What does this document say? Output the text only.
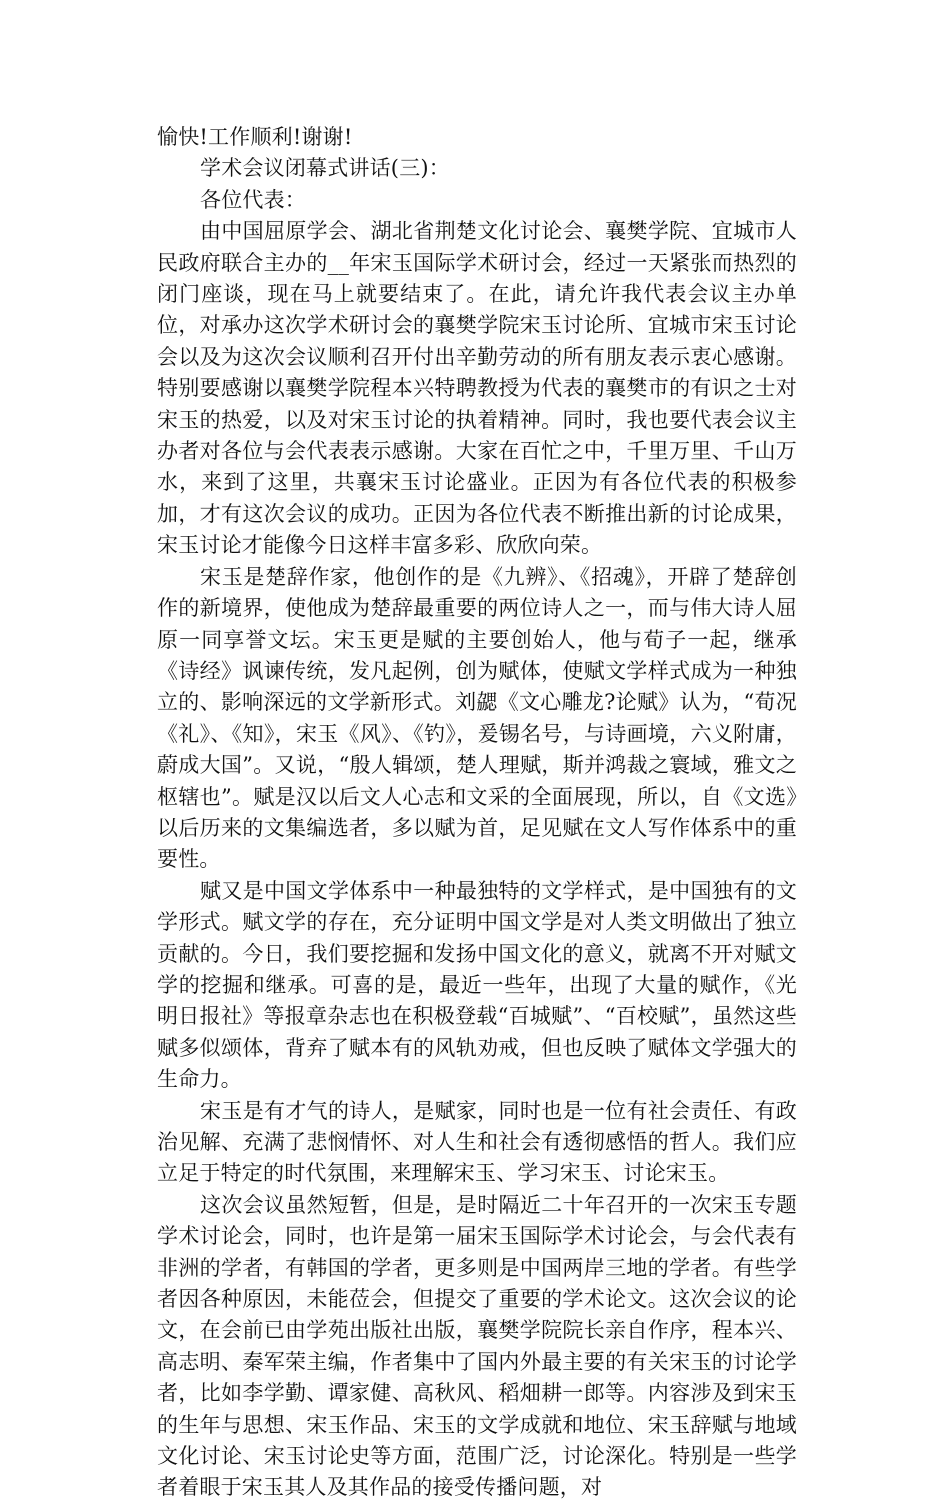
愉快!工作顺利!谢谢!

学术会议闭幕式讲话(三)：

各位代表：

由中国屈原学会、湖北省荆楚文化讨论会、襄樊学院、宜城市人民政府联合主办的__年宋玉国际学术研讨会，经过一天紧张而热烈的闭门座谈，现在马上就要结束了。在此，请允许我代表会议主办单位，对承办这次学术研讨会的襄樊学院宋玉讨论所、宜城市宋玉讨论会以及为这次会议顺利召开付出辛勤劳动的所有朋友表示衷心感谢。特别要感谢以襄樊学院程本兴特聘教授为代表的襄樊市的有识之士对宋玉的热爱，以及对宋玉讨论的执着精神。同时，我也要代表会议主办者对各位与会代表表示感谢。大家在百忙之中，千里万里、千山万水，来到了这里，共襄宋玉讨论盛业。正因为有各位代表的积极参加，才有这次会议的成功。正因为各位代表不断推出新的讨论成果，宋玉讨论才能像今日这样丰富多彩、欣欣向荣。

宋玉是楚辞作家，他创作的是《九辨》、《招魂》，开辟了楚辞创作的新境界，使他成为楚辞最重要的两位诗人之一，而与伟大诗人屈原一同享誉文坛。宋玉更是赋的主要创始人，他与荀子一起，继承《诗经》讽谏传统，发凡起例，创为赋体，使赋文学样式成为一种独立的、影响深远的文学新形式。刘勰《文心雕龙?论赋》认为，“荀况《礼》、《知》，宋玉《风》、《钓》，爰锡名号，与诗画境，六义附庸，蔚成大国”。又说，“殷人辑颂，楚人理赋，斯并鸿裁之寰域，雅文之枢辖也”。赋是汉以后文人心志和文采的全面展现，所以，自《文选》以后历来的文集编选者，多以赋为首，足见赋在文人写作体系中的重要性。

赋又是中国文学体系中一种最独特的文学样式，是中国独有的文学形式。赋文学的存在，充分证明中国文学是对人类文明做出了独立贡献的。今日，我们要挖掘和发扬中国文化的意义，就离不开对赋文学的挖掘和继承。可喜的是，最近一些年，出现了大量的赋作，《光明日报社》等报章杂志也在积极登载“百城赋”、“百校赋”，虽然这些赋多似颂体，背弃了赋本有的风轨劝戒，但也反映了赋体文学强大的生命力。

宋玉是有才气的诗人，是赋家，同时也是一位有社会责任、有政治见解、充满了悲悯情怀、对人生和社会有透彻感悟的哲人。我们应立足于特定的时代氛围，来理解宋玉、学习宋玉、讨论宋玉。

这次会议虽然短暂，但是，是时隔近二十年召开的一次宋玉专题学术讨论会，同时，也许是第一届宋玉国际学术讨论会，与会代表有非洲的学者，有韩国的学者，更多则是中国两岸三地的学者。有些学者因各种原因，未能莅会，但提交了重要的学术论文。这次会议的论文，在会前已由学苑出版社出版，襄樊学院院长亲自作序，程本兴、高志明、秦军荣主编，作者集中了国内外最主要的有关宋玉的讨论学者，比如李学勤、谭家健、高秋风、稻畑耕一郎等。内容涉及到宋玉的生年与思想、宋玉作品、宋玉的文学成就和地位、宋玉辞赋与地域文化讨论、宋玉讨论史等方面，范围广泛，讨论深化。特别是一些学者着眼于宋玉其人及其作品的接受传播问题，对
